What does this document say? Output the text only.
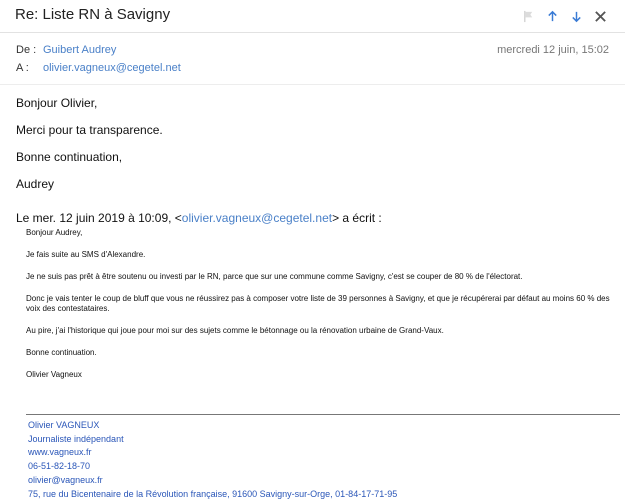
Re: Liste RN à Savigny
De : Guibert Audrey	mercredi 12 juin, 15:02
A : olivier.vagneux@cegetel.net

Bonjour Olivier,

Merci pour ta transparence.

Bonne continuation,

Audrey

Le mer. 12 juin 2019 à 10:09, <olivier.vagneux@cegetel.net> a écrit :

Bonjour Audrey,

Je fais suite au SMS d'Alexandre.

Je ne suis pas prêt à être soutenu ou investi par le RN, parce que sur une commune comme Savigny, c'est se couper de 80 % de l'électorat.

Donc je vais tenter le coup de bluff que vous ne réussirez pas à composer votre liste de 39 personnes à Savigny, et que je récupérerai par défaut au moins 60 % des voix des contestataires.

Au pire, j'ai l'historique qui joue pour moi sur des sujets comme le bétonnage ou la rénovation urbaine de Grand-Vaux.

Bonne continuation.

Olivier Vagneux

Olivier VAGNEUX
Journaliste indépendant
www.vagneux.fr
06-51-82-18-70
olivier@vagneux.fr
75, rue du Bicentenaire de la Révolution française, 91600 Savigny-sur-Orge, 01-84-17-71-95
